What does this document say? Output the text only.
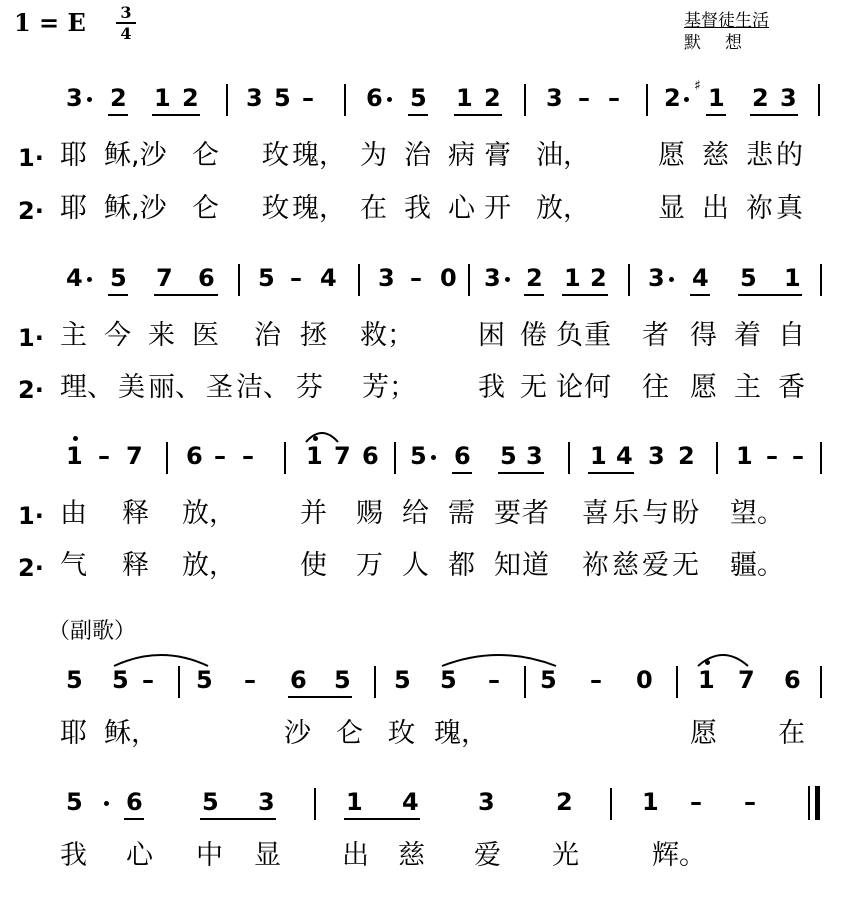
1 = E 3
4
基督徒生活
默想
3 2 1 2 3 5 – 6 5 1 2 3 – – 2 ♯ 1 2 3
1· 耶 稣,沙 仑 玫 瑰， 为 治 病 膏 油，	愿 慈 悲 的
2· 耶 稣,沙 仑 玫 瑰， 在 我 心 开 放，	显 出 祢 真
4 5 7 6 5 – 4 3 – 0 3 2 1 2 3 4 5 1
1· 主 今 来 医 治 拯 救； 困 倦 负 重 者 得 着 自
2· 理、 美 丽、 圣 洁、 芬 芳； 我 无 论 何 往 愿 主 香
1 – 7 6 – – 1 7 6 5 6 5 3 1 4 3 2 1 – –
1· 由 释 放， 并 赐 给 需 要 者 喜 乐 与 盼 望。
2· 气 释 放， 使 万 人 都 知 道 祢 慈 爱 无 疆。
（副歌）
5 5 – 5 – 6 5 5 5 – 5 – 0 1 7 6
耶 稣，	沙 仑 玫 瑰，	愿 在
5 6 5 3	1 4 3	2	1 – –
我 心 中 显 出 慈 爱 光	辉。
